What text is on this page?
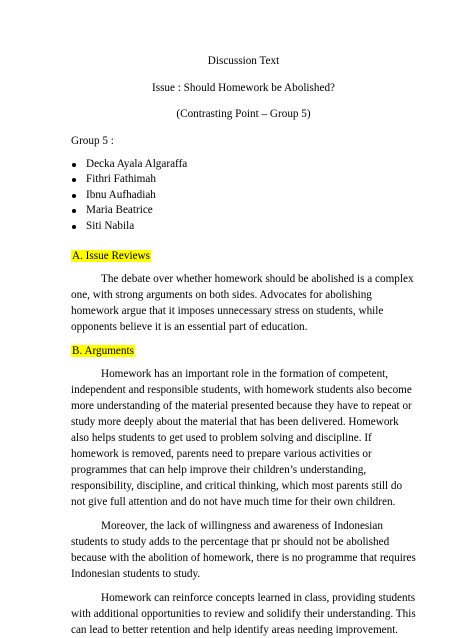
Discussion Text

Issue : Should Homework be Abolished?

(Contrasting Point – Group 5)

Group 5 :

Decka Ayala Algaraffa
Fithri Fathimah
Ibnu Aufhadiah
Maria Beatrice
Siti Nabila

A. Issue Reviews

The debate over whether homework should be abolished is a complex one, with strong arguments on both sides. Advocates for abolishing homework argue that it imposes unnecessary stress on students, while opponents believe it is an essential part of education.

B. Arguments

Homework has an important role in the formation of competent, independent and responsible students, with homework students also become more understanding of the material presented because they have to repeat or study more deeply about the material that has been delivered. Homework also helps students to get used to problem solving and discipline. If homework is removed, parents need to prepare various activities or programmes that can help improve their children’s understanding, responsibility, discipline, and critical thinking, which most parents still do not give full attention and do not have much time for their own children.

Moreover, the lack of willingness and awareness of Indonesian students to study adds to the percentage that pr should not be abolished because with the abolition of homework, there is no programme that requires Indonesian students to study.

Homework can reinforce concepts learned in class, providing students with additional opportunities to review and solidify their understanding. This can lead to better retention and help identify areas needing improvement.
